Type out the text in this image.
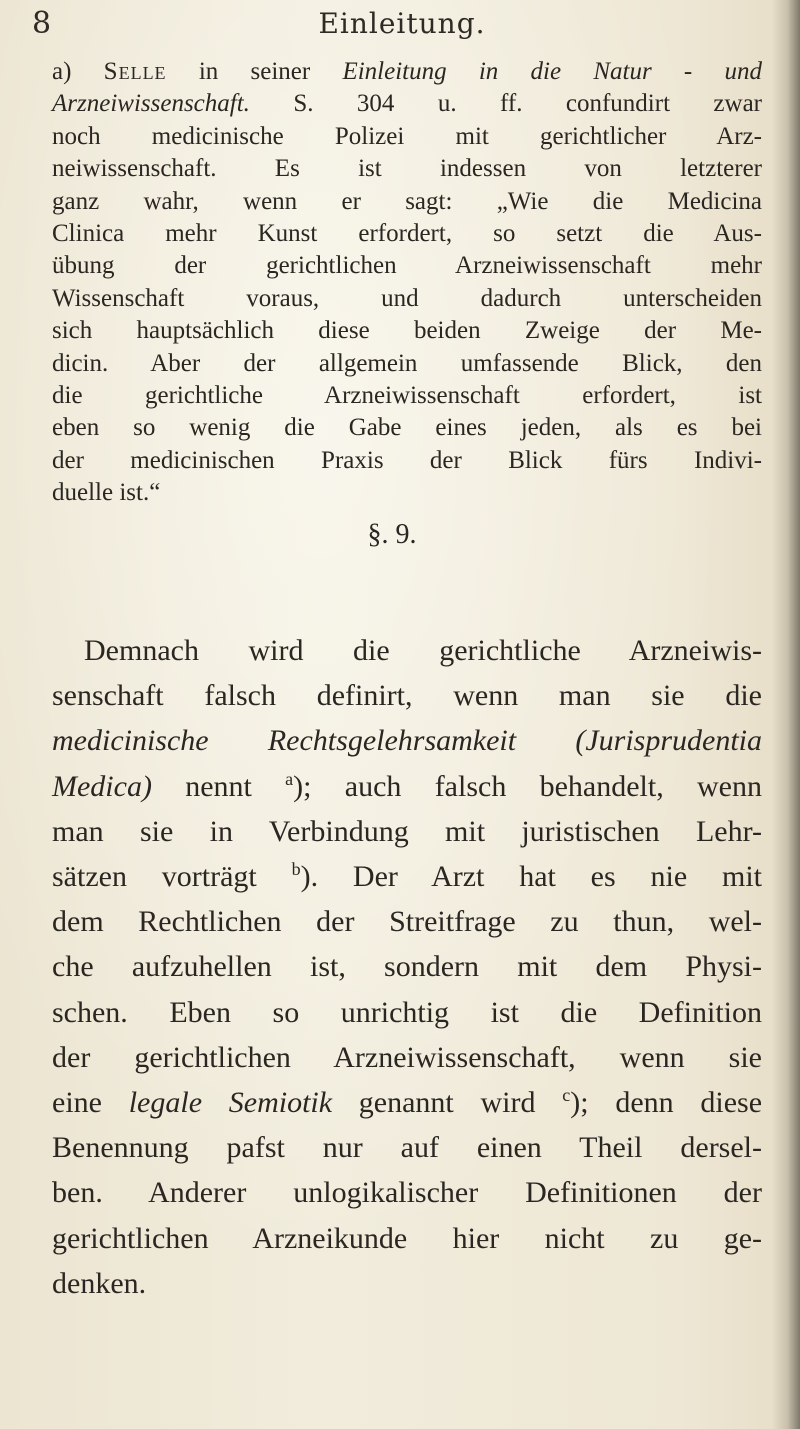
8	Einleitung.
a) Selle in seiner Einleitung in die Natur - und
Arzneiwissenschaft. S. 304 u. ff. confundirt zwar
noch medicinische Polizei mit gerichtlicher Arz-
neiwissenschaft. Es ist indessen von letzterer
ganz wahr, wenn er sagt: „Wie die Medicina
Clinica mehr Kunst erfordert, so setzt die Aus-
übung der gerichtlichen Arzneiwissenschaft mehr
Wissenschaft voraus, und dadurch unterscheiden
sich hauptsächlich diese beiden Zweige der Me-
dicin. Aber der allgemein umfassende Blick, den
die gerichtliche Arzneiwissenschaft erfordert, ist
eben so wenig die Gabe eines jeden, als es bei
der medicinischen Praxis der Blick fürs Indivi-
duelle ist.“
§. 9.
Demnach wird die gerichtliche Arzneiwis-
senschaft falsch definirt, wenn man sie die
medicinische Rechtsgelehrsamkeit (Jurisprudentia
Medica) nennt $^a$); auch falsch behandelt, wenn
man sie in Verbindung mit juristischen Lehr-
sätzen vorträgt $^b$). Der Arzt hat es nie mit
dem Rechtlichen der Streitfrage zu thun, wel-
che aufzuhellen ist, sondern mit dem Physi-
schen. Eben so unrichtig ist die Definition
der gerichtlichen Arzneiwissenschaft, wenn sie
eine legale Semiotik genannt wird $^c$); denn diese
Benennung pafst nur auf einen Theil dersel-
ben. Anderer unlogikalischer Definitionen der
gerichtlichen Arzneikunde hier nicht zu ge-
denken.
